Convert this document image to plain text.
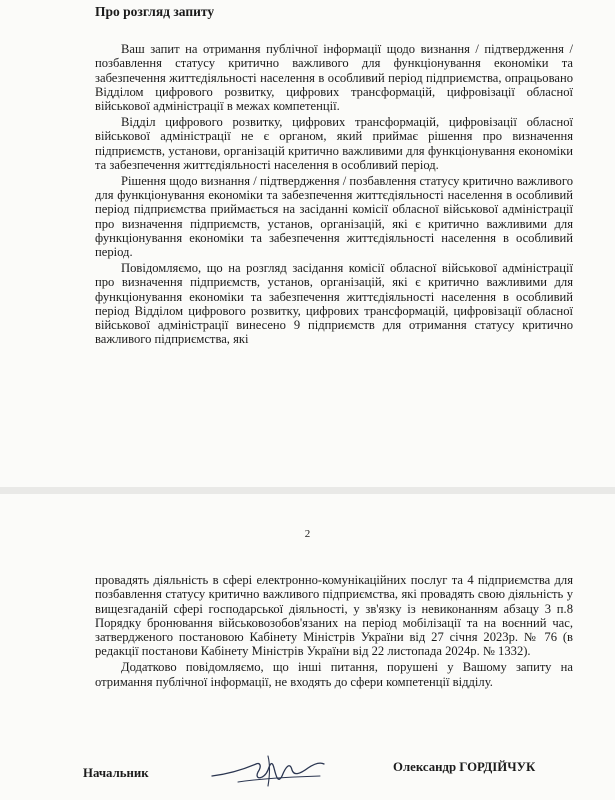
Про розгляд запиту

Ваш запит на отримання публічної інформації щодо визнання / підтвердження / позбавлення статусу критично важливого для функціонування економіки та забезпечення життєдіяльності населення в особливий період підприємства, опрацьовано Відділом цифрового розвитку, цифрових трансформацій, цифровізації обласної військової адміністрації в межах компетенції.

Відділ цифрового розвитку, цифрових трансформацій, цифровізації обласної військової адміністрації не є органом, який приймає рішення про визначення підприємств, установи, організацій критично важливими для функціонування економіки та забезпечення життєдіяльності населення в особливий період.

Рішення щодо визнання / підтвердження / позбавлення статусу критично важливого для функціонування економіки та забезпечення життєдіяльності населення в особливий період підприємства приймається на засіданні комісії обласної військової адміністрації про визначення підприємств, установ, організацій, які є критично важливими для функціонування економіки та забезпечення життєдіяльності населення в особливий період.

Повідомляємо, що на розгляд засідання комісії обласної військової адміністрації про визначення підприємств, установ, організацій, які є критично важливими для функціонування економіки та забезпечення життєдіяльності населення в особливий період Відділом цифрового розвитку, цифрових трансформацій, цифровізації обласної військової адміністрації винесено 9 підприємств для отримання статусу критично важливого підприємства, які

2

провадять діяльність в сфері електронно-комунікаційних послуг та 4 підприємства для позбавлення статусу критично важливого підприємства, які провадять свою діяльність у вищезгаданій сфері господарської діяльності, у зв'язку із невиконанням абзацу 3 п.8 Порядку бронювання військовозобов'язаних на період мобілізації та на воєнний час, затвердженого постановою Кабінету Міністрів України від 27 січня 2023р. № 76 (в редакції постанови Кабінету Міністрів України від 22 листопада 2024р. № 1332).

Додатково повідомляємо, що інші питання, порушені у Вашому запиту на отримання публічної інформації, не входять до сфери компетенції відділу.

Начальник	Олександр ГОРДІЙЧУК
